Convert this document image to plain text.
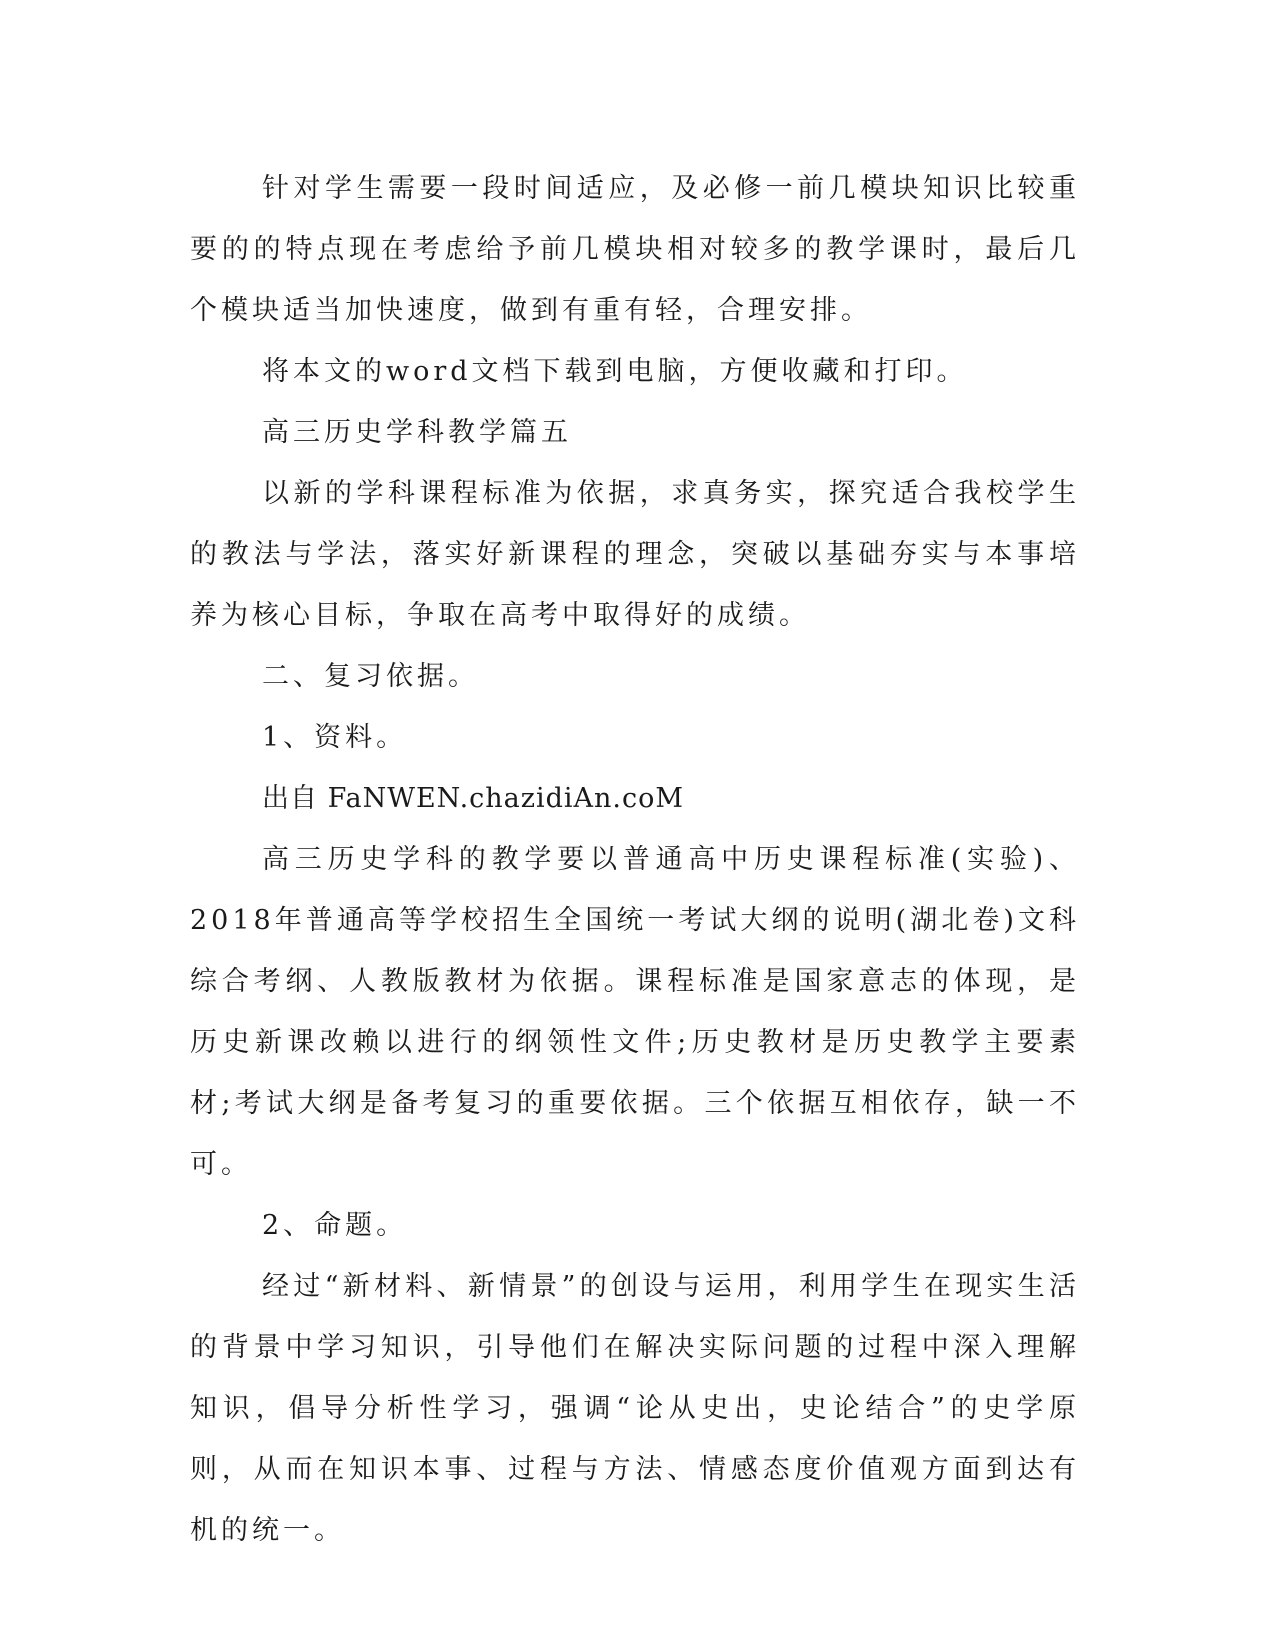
针对学生需要一段时间适应，及必修一前几模块知识比较重要的的特点现在考虑给予前几模块相对较多的教学课时，最后几个模块适当加快速度，做到有重有轻，合理安排。

将本文的word文档下载到电脑，方便收藏和打印。

高三历史学科教学篇五

以新的学科课程标准为依据，求真务实，探究适合我校学生的教法与学法，落实好新课程的理念，突破以基础夯实与本事培养为核心目标，争取在高考中取得好的成绩。

二、复习依据。

1、资料。

出自 FaNWEN.chazidiAn.coM

高三历史学科的教学要以普通高中历史课程标准(实验)、2018年普通高等学校招生全国统一考试大纲的说明(湖北卷)文科综合考纲、人教版教材为依据。课程标准是国家意志的体现，是历史新课改赖以进行的纲领性文件;历史教材是历史教学主要素材;考试大纲是备考复习的重要依据。三个依据互相依存，缺一不可。

2、命题。

经过“新材料、新情景”的创设与运用，利用学生在现实生活的背景中学习知识，引导他们在解决实际问题的过程中深入理解知识，倡导分析性学习，强调“论从史出，史论结合”的史学原则，从而在知识本事、过程与方法、情感态度价值观方面到达有机的统一。
